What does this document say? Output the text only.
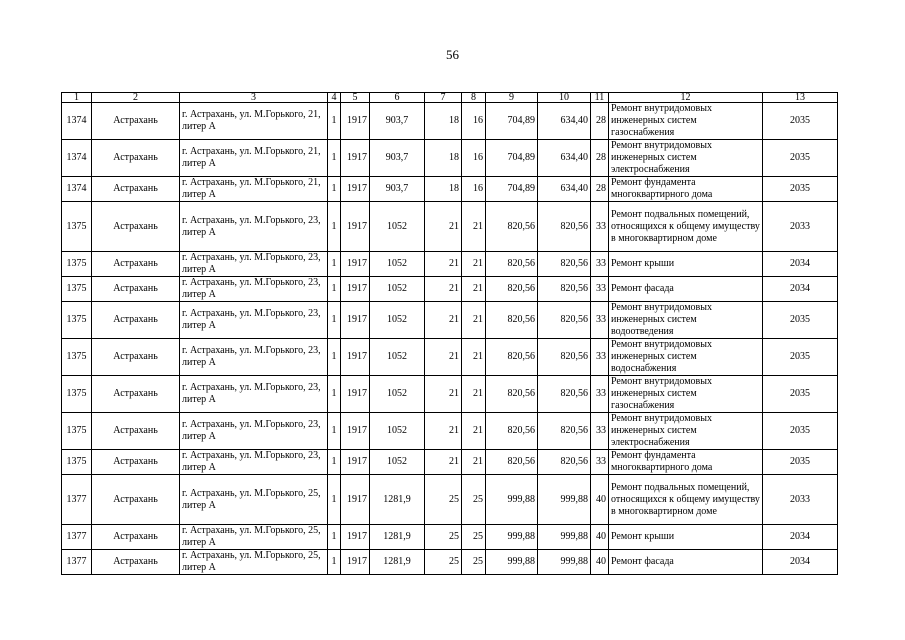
56
1	2	3	4	5	6	7	8	9	10	11	12	13
1374	Астрахань	г. Астрахань, ул. М.Горького, 21, литер А	1	1917	903,7	18	16	704,89	634,40	28	Ремонт внутридомовых инженерных систем газоснабжения	2035
1374	Астрахань	г. Астрахань, ул. М.Горького, 21, литер А	1	1917	903,7	18	16	704,89	634,40	28	Ремонт внутридомовых инженерных систем электроснабжения	2035
1374	Астрахань	г. Астрахань, ул. М.Горького, 21, литер А	1	1917	903,7	18	16	704,89	634,40	28	Ремонт фундамента многоквартирного дома	2035
1375	Астрахань	г. Астрахань, ул. М.Горького, 23, литер А	1	1917	1052	21	21	820,56	820,56	33	Ремонт подвальных помещений, относящихся к общему имуществу в многоквартирном доме	2033
1375	Астрахань	г. Астрахань, ул. М.Горького, 23, литер А	1	1917	1052	21	21	820,56	820,56	33	Ремонт крыши	2034
1375	Астрахань	г. Астрахань, ул. М.Горького, 23, литер А	1	1917	1052	21	21	820,56	820,56	33	Ремонт фасада	2034
1375	Астрахань	г. Астрахань, ул. М.Горького, 23, литер А	1	1917	1052	21	21	820,56	820,56	33	Ремонт внутридомовых инженерных систем водоотведения	2035
1375	Астрахань	г. Астрахань, ул. М.Горького, 23, литер А	1	1917	1052	21	21	820,56	820,56	33	Ремонт внутридомовых инженерных систем водоснабжения	2035
1375	Астрахань	г. Астрахань, ул. М.Горького, 23, литер А	1	1917	1052	21	21	820,56	820,56	33	Ремонт внутридомовых инженерных систем газоснабжения	2035
1375	Астрахань	г. Астрахань, ул. М.Горького, 23, литер А	1	1917	1052	21	21	820,56	820,56	33	Ремонт внутридомовых инженерных систем электроснабжения	2035
1375	Астрахань	г. Астрахань, ул. М.Горького, 23, литер А	1	1917	1052	21	21	820,56	820,56	33	Ремонт фундамента многоквартирного дома	2035
1377	Астрахань	г. Астрахань, ул. М.Горького, 25, литер А	1	1917	1281,9	25	25	999,88	999,88	40	Ремонт подвальных помещений, относящихся к общему имуществу в многоквартирном доме	2033
1377	Астрахань	г. Астрахань, ул. М.Горького, 25, литер А	1	1917	1281,9	25	25	999,88	999,88	40	Ремонт крыши	2034
1377	Астрахань	г. Астрахань, ул. М.Горького, 25, литер А	1	1917	1281,9	25	25	999,88	999,88	40	Ремонт фасада	2034
